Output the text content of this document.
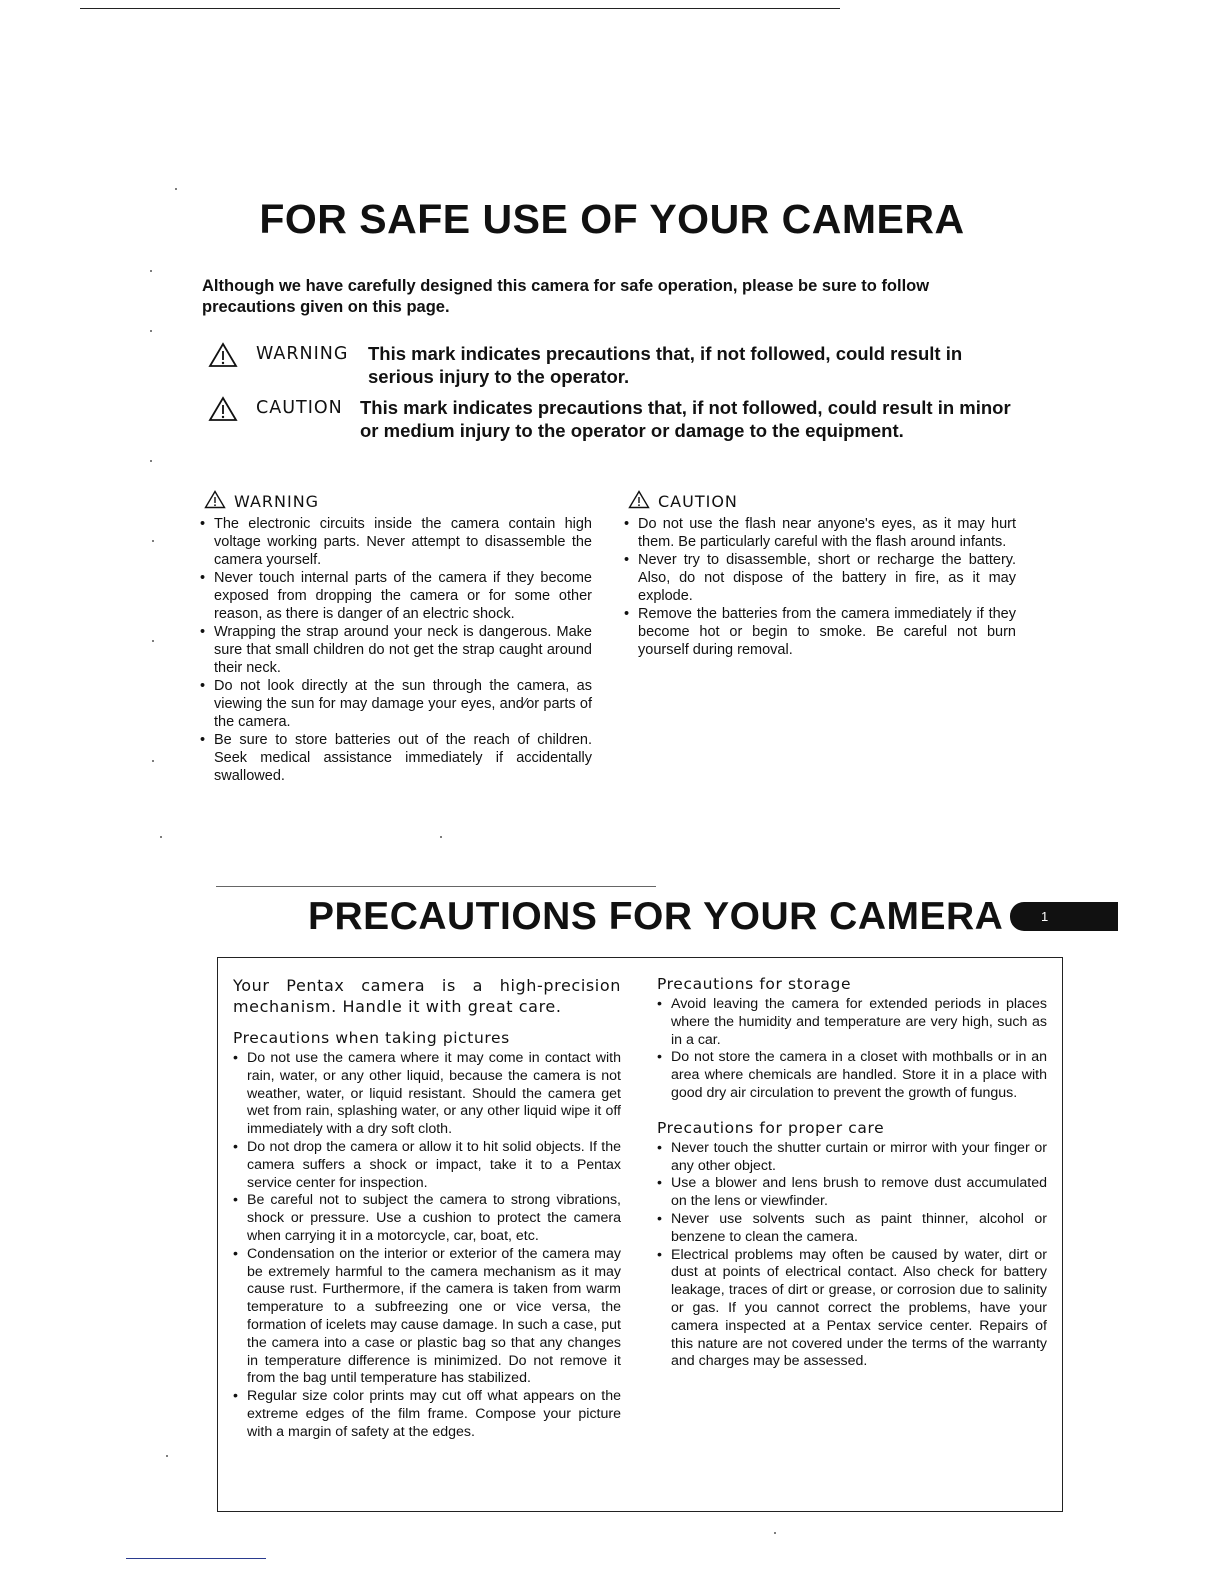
FOR SAFE USE OF YOUR CAMERA

Although we have carefully designed this camera for safe operation, please be sure to follow precautions given on this page.

WARNING This mark indicates precautions that, if not followed, could result in serious injury to the operator.
CAUTION This mark indicates precautions that, if not followed, could result in minor or medium injury to the operator or damage to the equipment.
WARNING
• The electronic circuits inside the camera contain high voltage working parts. Never attempt to disassemble the camera yourself.
• Never touch internal parts of the camera if they become exposed from dropping the camera or for some other reason, as there is danger of an electric shock.
• Wrapping the strap around your neck is dangerous. Make sure that small children do not get the strap caught around their neck.
• Do not look directly at the sun through the camera, as viewing the sun for may damage your eyes, and∕or parts of the camera.
• Be sure to store batteries out of the reach of children. Seek medical assistance immediately if accidentally swallowed.
CAUTION
• Do not use the flash near anyone's eyes, as it may hurt them. Be particularly careful with the flash around infants.
• Never try to disassemble, short or recharge the battery. Also, do not dispose of the battery in fire, as it may explode.
• Remove the batteries from the camera immediately if they become hot or begin to smoke. Be careful not burn yourself during removal.
PRECAUTIONS FOR YOUR CAMERA	1

Your Pentax camera is a high-precision mechanism. Handle it with great care.

Precautions when taking pictures
• Do not use the camera where it may come in contact with rain, water, or any other liquid, because the camera is not weather, water, or liquid resistant. Should the camera get wet from rain, splashing water, or any other liquid wipe it off immediately with a dry soft cloth.
• Do not drop the camera or allow it to hit solid objects. If the camera suffers a shock or impact, take it to a Pentax service center for inspection.
• Be careful not to subject the camera to strong vibrations, shock or pressure. Use a cushion to protect the camera when carrying it in a motorcycle, car, boat, etc.
• Condensation on the interior or exterior of the camera may be extremely harmful to the camera mechanism as it may cause rust. Furthermore, if the camera is taken from warm temperature to a subfreezing one or vice versa, the formation of icelets may cause damage. In such a case, put the camera into a case or plastic bag so that any changes in temperature difference is minimized. Do not remove it from the bag until temperature has stabilized.
• Regular size color prints may cut off what appears on the extreme edges of the film frame. Compose your picture with a margin of safety at the edges.
Precautions for storage
• Avoid leaving the camera for extended periods in places where the humidity and temperature are very high, such as in a car.
• Do not store the camera in a closet with mothballs or in an area where chemicals are handled. Store it in a place with good dry air circulation to prevent the growth of fungus.
Precautions for proper care
• Never touch the shutter curtain or mirror with your finger or any other object.
• Use a blower and lens brush to remove dust accumulated on the lens or viewfinder.
• Never use solvents such as paint thinner, alcohol or benzene to clean the camera.
• Electrical problems may often be caused by water, dirt or dust at points of electrical contact. Also check for battery leakage, traces of dirt or grease, or corrosion due to salinity or gas. If you cannot correct the problems, have your camera inspected at a Pentax service center. Repairs of this nature are not covered under the terms of the warranty and charges may be assessed.
